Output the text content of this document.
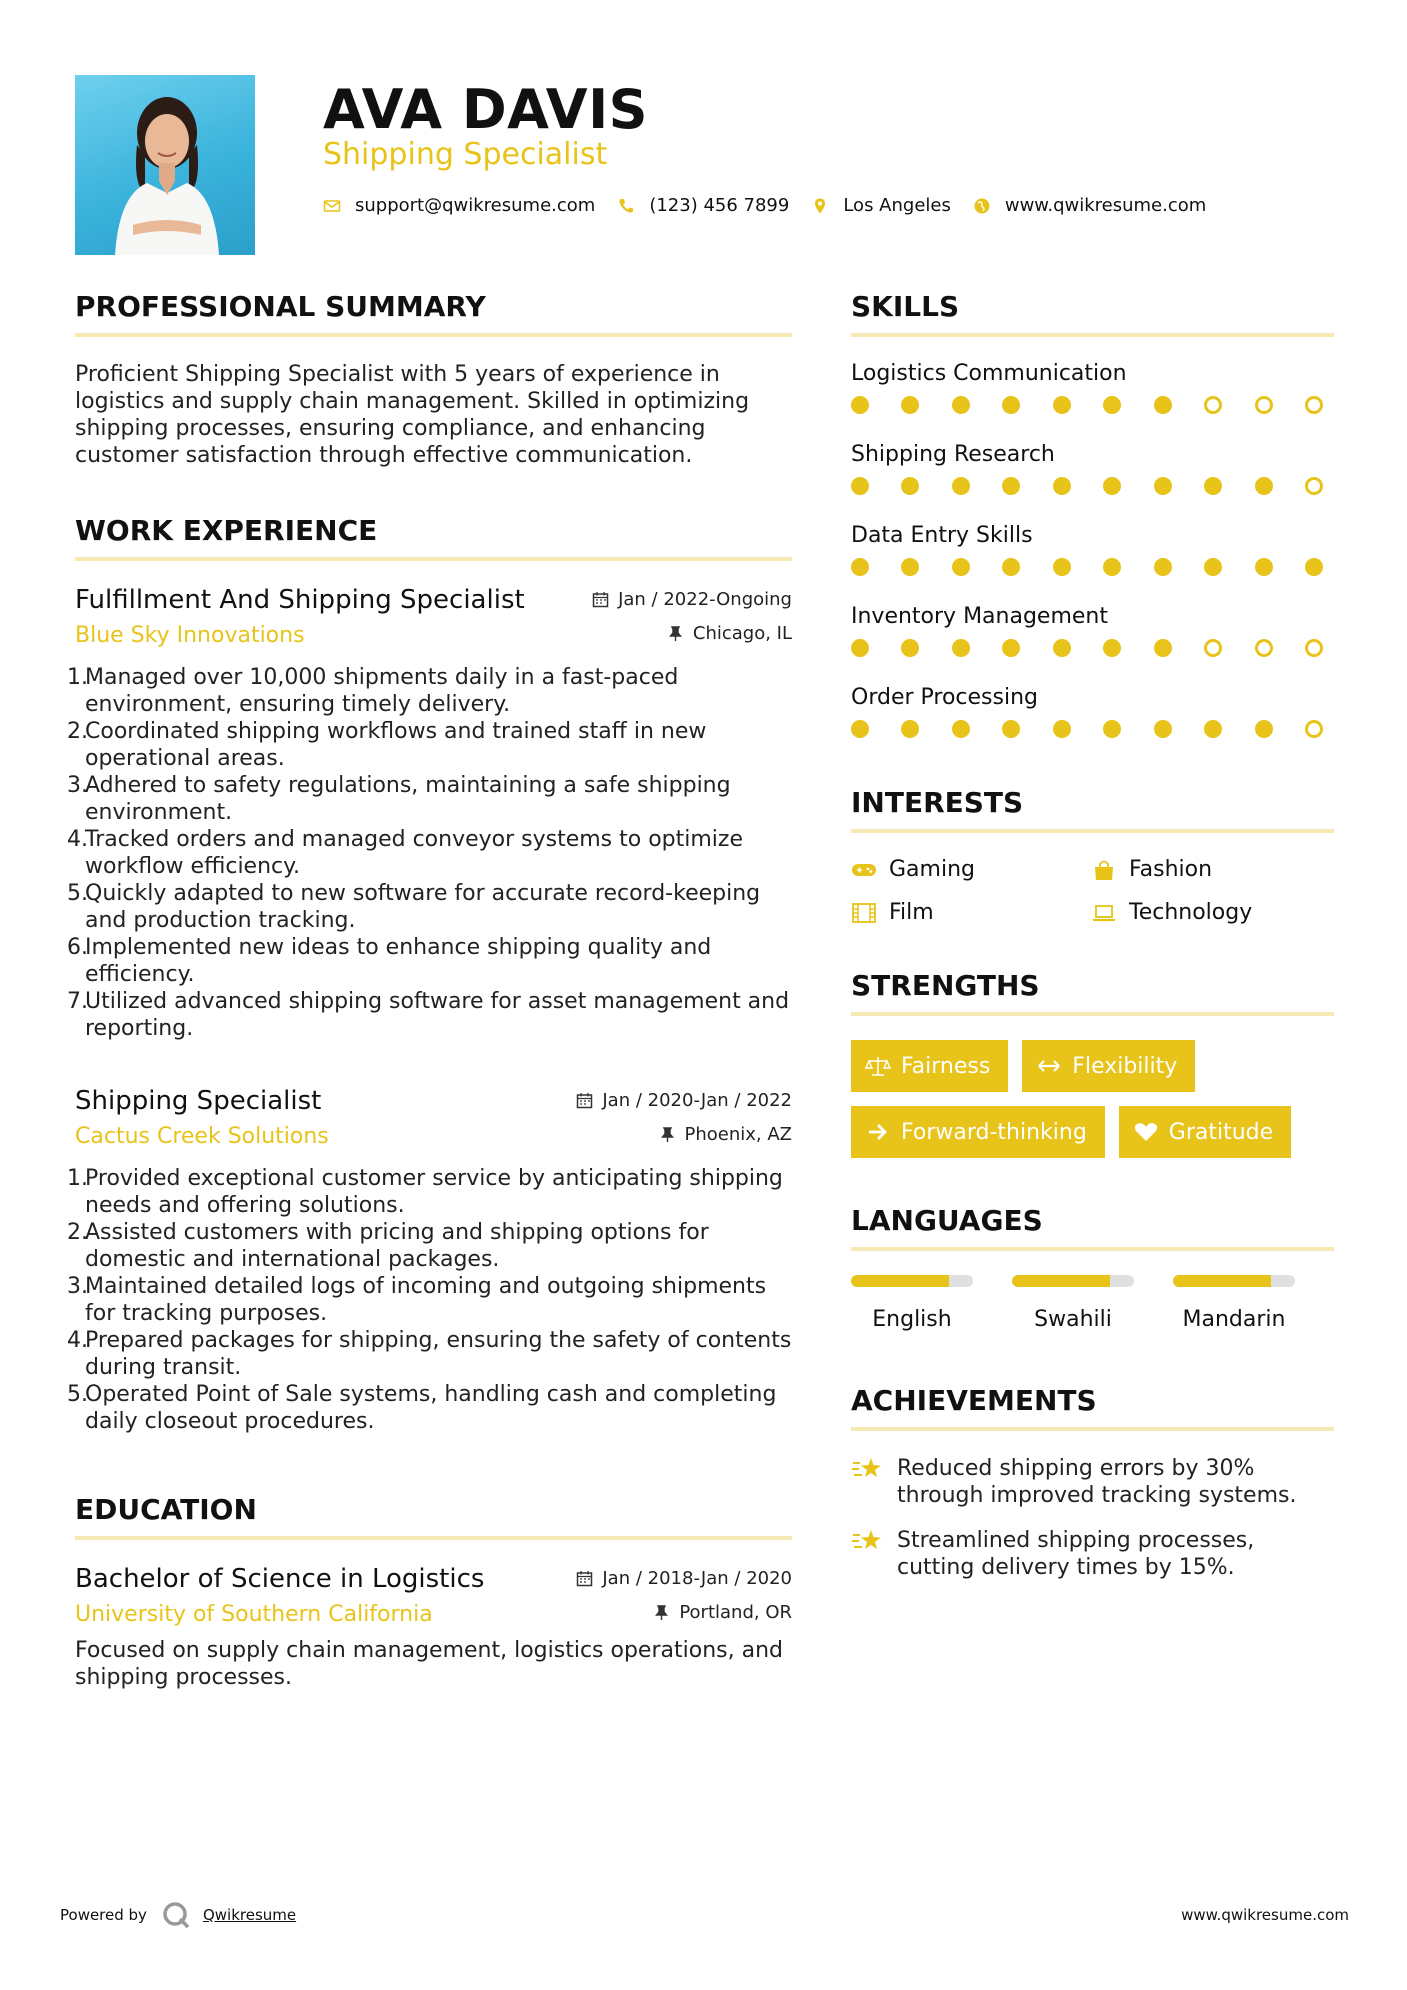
AVA DAVIS
Shipping Specialist
support@qwikresume.com	(123) 456 7899	Los Angeles	www.qwikresume.com
PROFESSIONAL SUMMARY
Proficient Shipping Specialist with 5 years of experience in logistics and supply chain management. Skilled in optimizing shipping processes, ensuring compliance, and enhancing customer satisfaction through effective communication.
WORK EXPERIENCE
Fulfillment And Shipping Specialist	Jan / 2022-Ongoing
Blue Sky Innovations	Chicago, IL
1.
Managed over 10,000 shipments daily in a fast-paced environment, ensuring timely delivery.
2.
Coordinated shipping workflows and trained staff in new operational areas.
3.
Adhered to safety regulations, maintaining a safe shipping environment.
4.
Tracked orders and managed conveyor systems to optimize workflow efficiency.
5.
Quickly adapted to new software for accurate record-keeping and production tracking.
6.
Implemented new ideas to enhance shipping quality and efficiency.
7.
Utilized advanced shipping software for asset management and reporting.
Shipping Specialist	Jan / 2020-Jan / 2022
Cactus Creek Solutions	Phoenix, AZ
1.
Provided exceptional customer service by anticipating shipping needs and offering solutions.
2.
Assisted customers with pricing and shipping options for domestic and international packages.
3.
Maintained detailed logs of incoming and outgoing shipments for tracking purposes.
4.
Prepared packages for shipping, ensuring the safety of contents during transit.
5.
Operated Point of Sale systems, handling cash and completing daily closeout procedures.
EDUCATION
Bachelor of Science in Logistics	Jan / 2018-Jan / 2020
University of Southern California	Portland, OR
Focused on supply chain management, logistics operations, and shipping processes.
SKILLS
Logistics Communication
Shipping Research
Data Entry Skills
Inventory Management
Order Processing
INTERESTS
Gaming	Fashion
Film	Technology
STRENGTHS
Fairness	Flexibility
Forward-thinking	Gratitude
LANGUAGES
English	Swahili	Mandarin
ACHIEVEMENTS
Reduced shipping errors by 30% through improved tracking systems.
Streamlined shipping processes, cutting delivery times by 15%.
Powered by	Qwikresume	www.qwikresume.com
